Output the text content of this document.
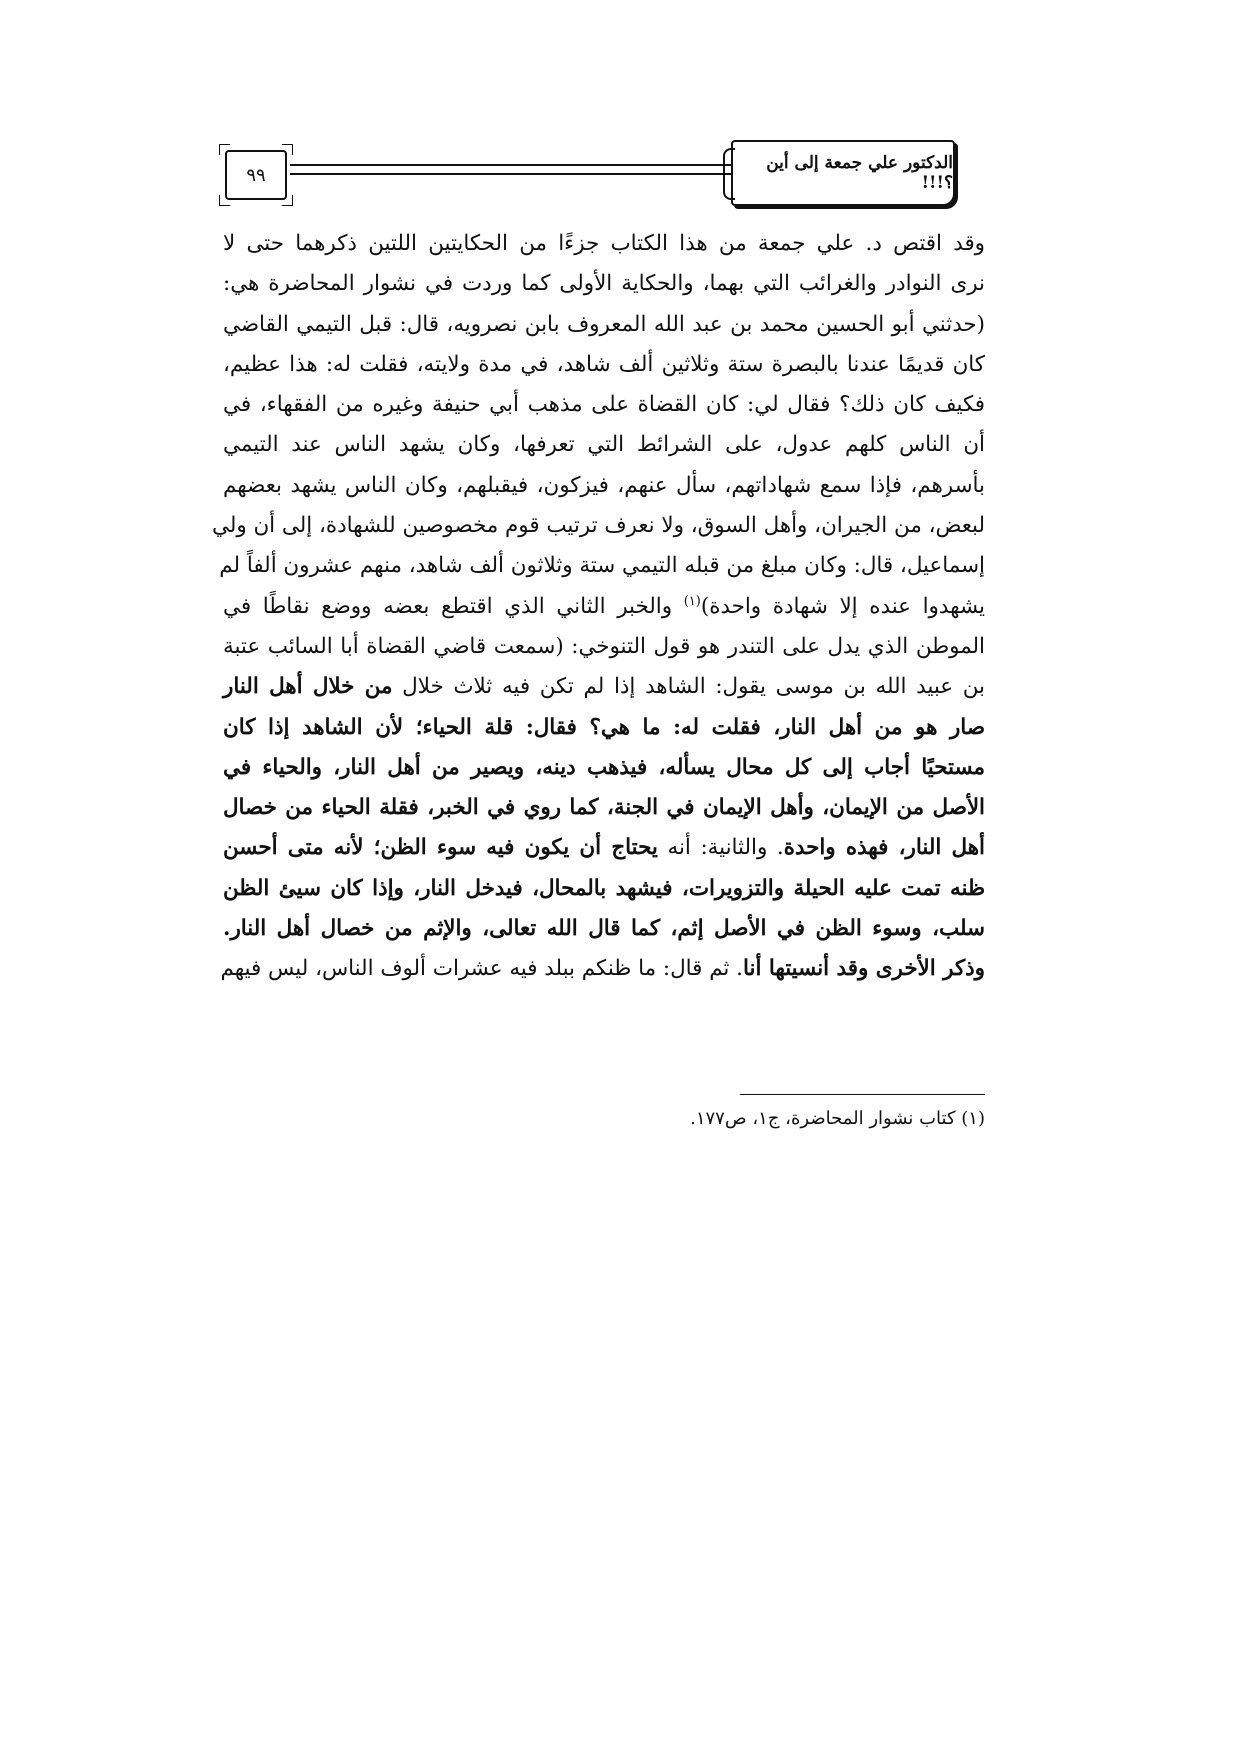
٩٩
الدكتور علي جمعة إلى أين ؟!!!
وقد اقتص د. علي جمعة من هذا الكتاب جزءًا من الحكايتين اللتين ذكرهما حتى لا
نرى النوادر والغرائب التي بهما، والحكاية الأولى كما وردت في نشوار المحاضرة هي:
(حدثني أبو الحسين محمد بن عبد الله المعروف بابن نصرويه، قال: قبل التيمي القاضي
كان قديمًا عندنا بالبصرة ستة وثلاثين ألف شاهد، في مدة ولايته، فقلت له: هذا عظيم،
فكيف كان ذلك؟ فقال لي: كان القضاة على مذهب أبي حنيفة وغيره من الفقهاء، في
أن الناس كلهم عدول، على الشرائط التي تعرفها، وكان يشهد الناس عند التيمي
بأسرهم، فإذا سمع شهاداتهم، سأل عنهم، فيزكون، فيقبلهم، وكان الناس يشهد بعضهم
لبعض، من الجيران، وأهل السوق، ولا نعرف ترتيب قوم مخصوصين للشهادة، إلى أن ولي
إسماعيل، قال: وكان مبلغ من قبله التيمي ستة وثلاثون ألف شاهد، منهم عشرون ألفاً لم
يشهدوا عنده إلا شهادة واحدة)$^{(١)}$ والخبر الثاني الذي اقتطع بعضه ووضع نقاطًا في
الموطن الذي يدل على التندر هو قول التنوخي: (سمعت قاضي القضاة أبا السائب عتبة
بن عبيد الله بن موسى يقول: الشاهد إذا لم تكن فيه ثلاث خلال من خلال أهل النار
صار هو من أهل النار، فقلت له: ما هي؟ فقال: قلة الحياء؛ لأن الشاهد إذا كان
مستحيًا أجاب إلى كل محال يسأله، فيذهب دينه، ويصير من أهل النار، والحياء في
الأصل من الإيمان، وأهل الإيمان في الجنة، كما روي في الخبر، فقلة الحياء من خصال
أهل النار، فهذه واحدة. والثانية: أنه يحتاج أن يكون فيه سوء الظن؛ لأنه متى أحسن
ظنه تمت عليه الحيلة والتزويرات، فيشهد بالمحال، فيدخل النار، وإذا كان سيئ الظن
سلب، وسوء الظن في الأصل إثم، كما قال الله تعالى، والإثم من خصال أهل النار.
وذكر الأخرى وقد أنسيتها أنا. ثم قال: ما ظنكم ببلد فيه عشرات ألوف الناس، ليس فيهم
(١) كتاب نشوار المحاضرة، ج١، ص١٧٧.
